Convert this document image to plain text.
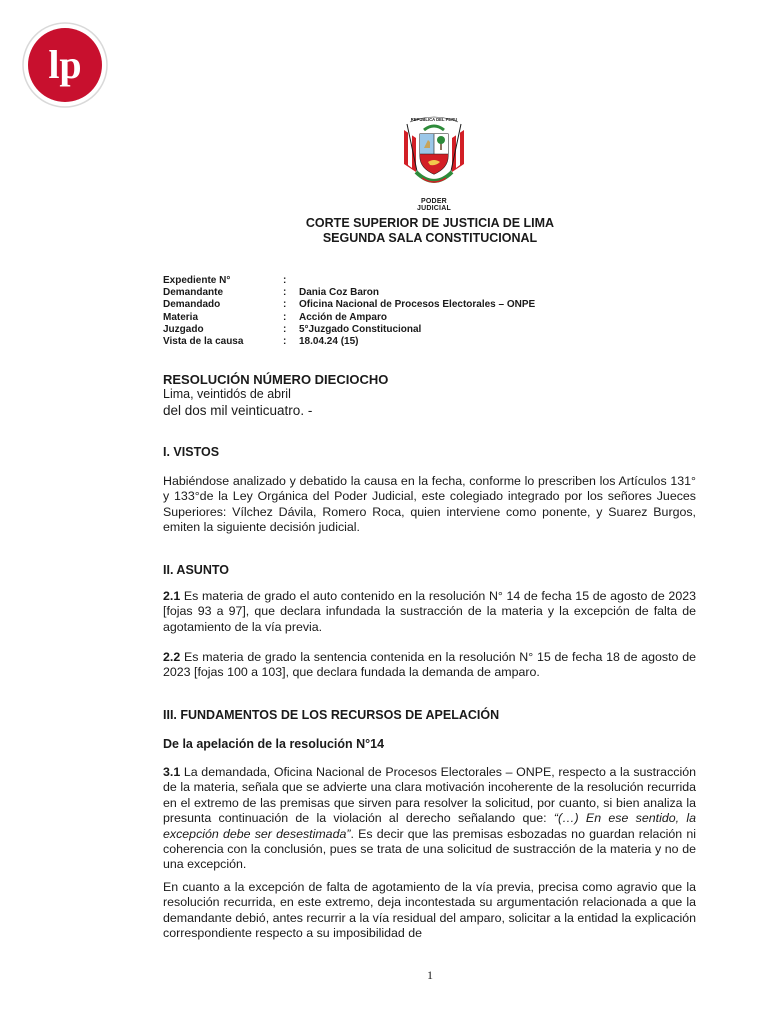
lp
REPUBLICA DEL PERU
PODER JUDICIAL
CORTE SUPERIOR DE JUSTICIA DE LIMA
SEGUNDA SALA CONSTITUCIONAL
Expediente N°	:
Demandante	:	Dania Coz Baron
Demandado	:	Oficina Nacional de Procesos Electorales – ONPE
Materia	:	Acción de Amparo
Juzgado	:	5°Juzgado Constitucional
Vista de la causa	:	18.04.24 (15)
RESOLUCIÓN NÚMERO DIECIOCHO
Lima, veintidós de abril
del dos mil veinticuatro. -
I. VISTOS

Habiéndose analizado y debatido la causa en la fecha, conforme lo prescriben los Artículos 131° y 133°de la Ley Orgánica del Poder Judicial, este colegiado integrado por los señores Jueces Superiores: Vílchez Dávila, Romero Roca, quien interviene como ponente, y Suarez Burgos, emiten la siguiente decisión judicial.

II. ASUNTO

2.1 Es materia de grado el auto contenido en la resolución N° 14 de fecha 15 de agosto de 2023 [fojas 93 a 97], que declara infundada la sustracción de la materia y la excepción de falta de agotamiento de la vía previa.

2.2 Es materia de grado la sentencia contenida en la resolución N° 15 de fecha 18 de agosto de 2023 [fojas 100 a 103], que declara fundada la demanda de amparo.

III. FUNDAMENTOS DE LOS RECURSOS DE APELACIÓN
De la apelación de la resolución N°14

3.1 La demandada, Oficina Nacional de Procesos Electorales – ONPE, respecto a la sustracción de la materia, señala que se advierte una clara motivación incoherente de la resolución recurrida en el extremo de las premisas que sirven para resolver la solicitud, por cuanto, si bien analiza la presunta continuación de la violación al derecho señalando que: “(…) En ese sentido, la excepción debe ser desestimada”. Es decir que las premisas esbozadas no guardan relación ni coherencia con la conclusión, pues se trata de una solicitud de sustracción de la materia y no de una excepción.

En cuanto a la excepción de falta de agotamiento de la vía previa, precisa como agravio que la resolución recurrida, en este extremo, deja incontestada su argumentación relacionada a que la demandante debió, antes recurrir a la vía residual del amparo, solicitar a la entidad la explicación correspondiente respecto a su imposibilidad de

1
